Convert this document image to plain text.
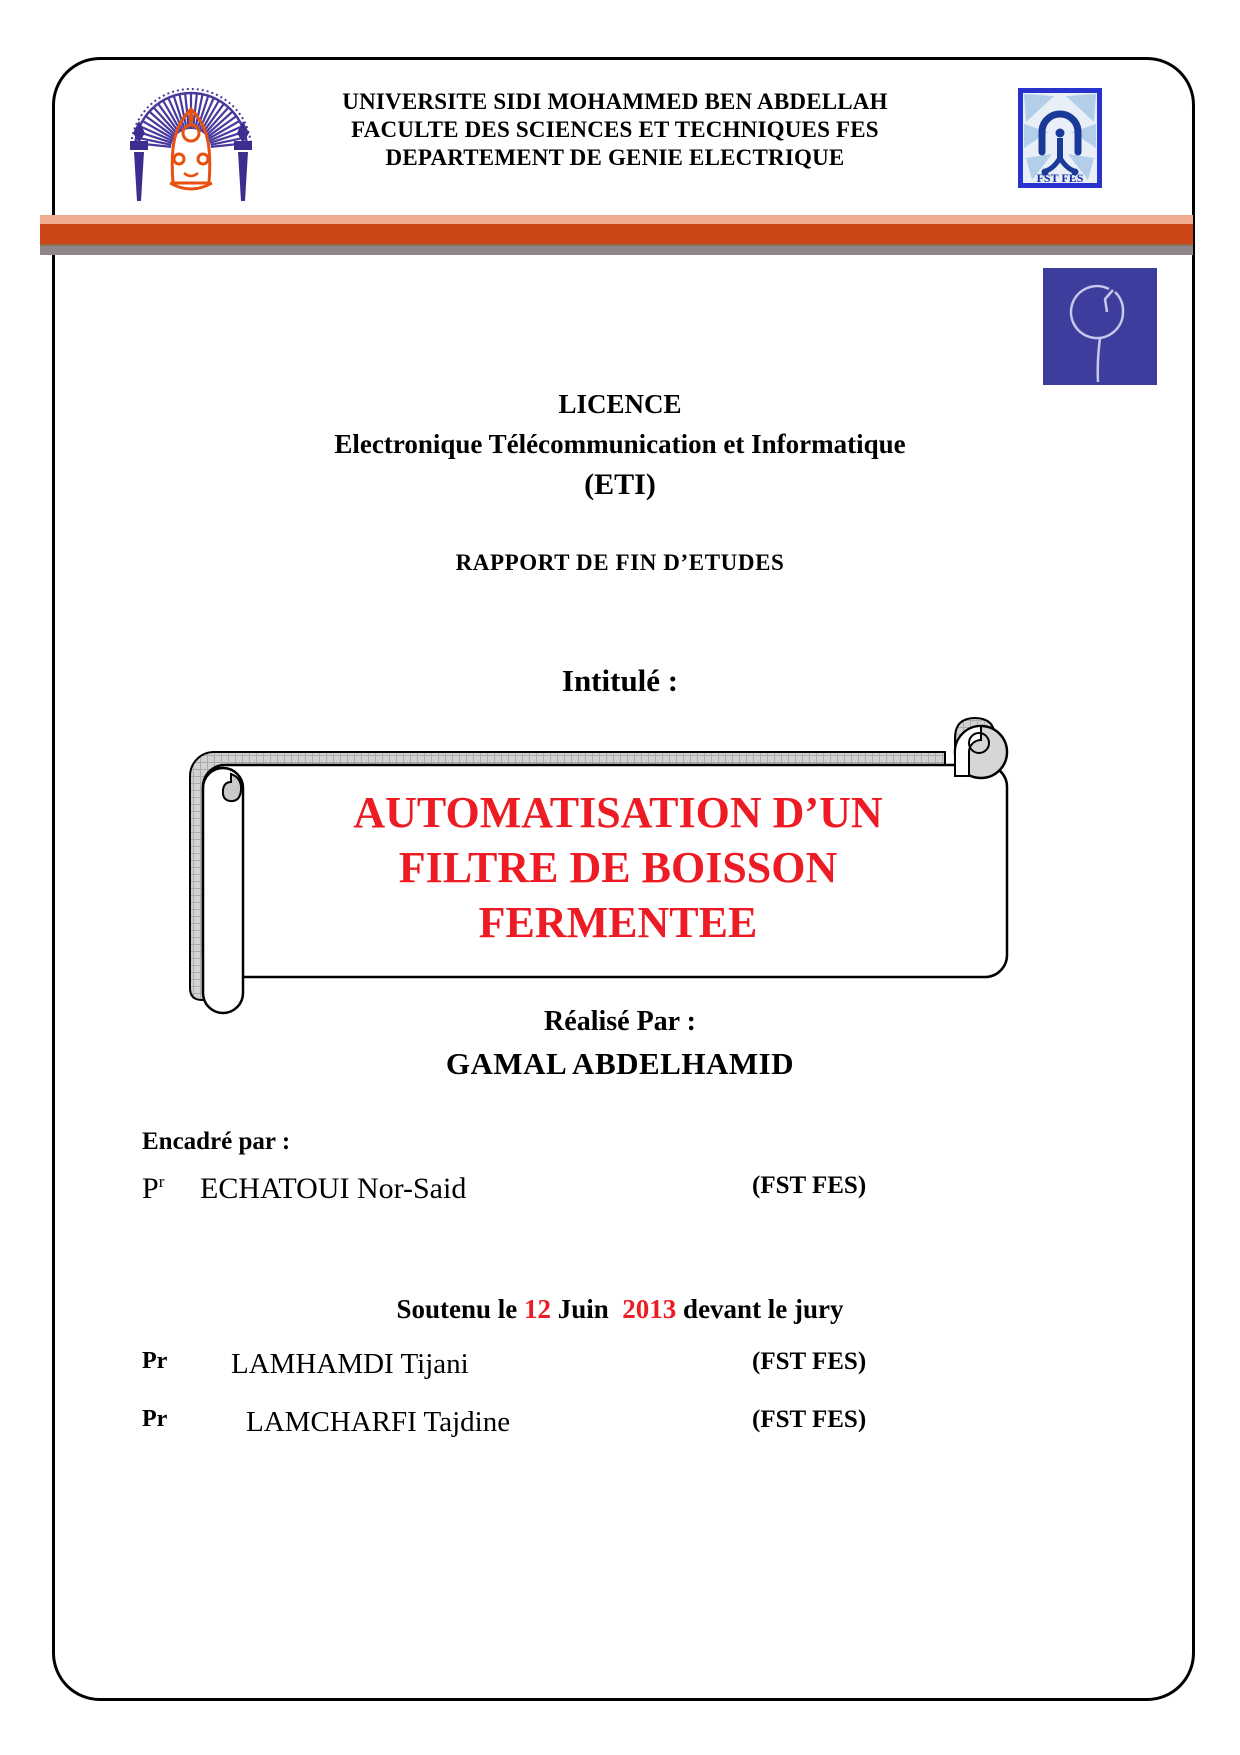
UNIVERSITE SIDI MOHAMMED BEN ABDELLAH
FACULTE DES SCIENCES ET TECHNIQUES FES
DEPARTEMENT DE GENIE ELECTRIQUE
FST FES
LICENCE
Electronique Télécommunication et Informatique
(ETI)
RAPPORT DE FIN D’ETUDES
Intitulé :
AUTOMATISATION D’UN
FILTRE DE BOISSON
FERMENTEE
Réalisé Par :
GAMAL ABDELHAMID
Encadré par :
$P^r$ ECHATOUI Nor-Said	(FST FES)
Soutenu le 12 Juin  2013 devant le jury
Pr LAMHAMDI Tijani	(FST FES)
Pr	LAMCHARFI Tajdine	(FST FES)
